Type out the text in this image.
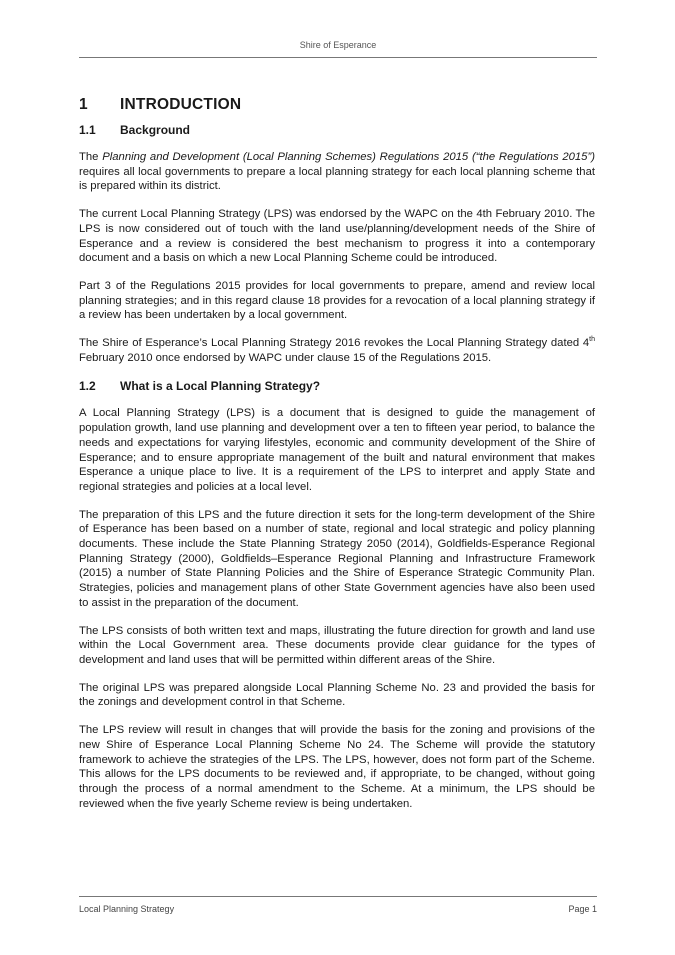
Shire of Esperance
1 INTRODUCTION
1.1 Background

The Planning and Development (Local Planning Schemes) Regulations 2015 (“the Regulations 2015”) requires all local governments to prepare a local planning strategy for each local planning scheme that is prepared within its district.

The current Local Planning Strategy (LPS) was endorsed by the WAPC on the 4th February 2010. The LPS is now considered out of touch with the land use/planning/development needs of the Shire of Esperance and a review is considered the best mechanism to progress it into a contemporary document and a basis on which a new Local Planning Scheme could be introduced.

Part 3 of the Regulations 2015 provides for local governments to prepare, amend and review local planning strategies; and in this regard clause 18 provides for a revocation of a local planning strategy if a review has been undertaken by a local government.

The Shire of Esperance’s Local Planning Strategy 2016 revokes the Local Planning Strategy dated 4th February 2010 once endorsed by WAPC under clause 15 of the Regulations 2015.

1.2 What is a Local Planning Strategy?

A Local Planning Strategy (LPS) is a document that is designed to guide the management of population growth, land use planning and development over a ten to fifteen year period, to balance the needs and expectations for varying lifestyles, economic and community development of the Shire of Esperance; and to ensure appropriate management of the built and natural environment that makes Esperance a unique place to live. It is a requirement of the LPS to interpret and apply State and regional strategies and policies at a local level.

The preparation of this LPS and the future direction it sets for the long-term development of the Shire of Esperance has been based on a number of state, regional and local strategic and policy planning documents. These include the State Planning Strategy 2050 (2014), Goldfields-Esperance Regional Planning Strategy (2000), Goldfields–Esperance Regional Planning and Infrastructure Framework (2015) a number of State Planning Policies and the Shire of Esperance Strategic Community Plan. Strategies, policies and management plans of other State Government agencies have also been used to assist in the preparation of the document.

The LPS consists of both written text and maps, illustrating the future direction for growth and land use within the Local Government area. These documents provide clear guidance for the types of development and land uses that will be permitted within different areas of the Shire.

The original LPS was prepared alongside Local Planning Scheme No. 23 and provided the basis for the zonings and development control in that Scheme.

The LPS review will result in changes that will provide the basis for the zoning and provisions of the new Shire of Esperance Local Planning Scheme No 24. The Scheme will provide the statutory framework to achieve the strategies of the LPS. The LPS, however, does not form part of the Scheme. This allows for the LPS documents to be reviewed and, if appropriate, to be changed, without going through the process of a normal amendment to the Scheme. At a minimum, the LPS should be reviewed when the five yearly Scheme review is being undertaken.

Local Planning Strategy	Page 1
